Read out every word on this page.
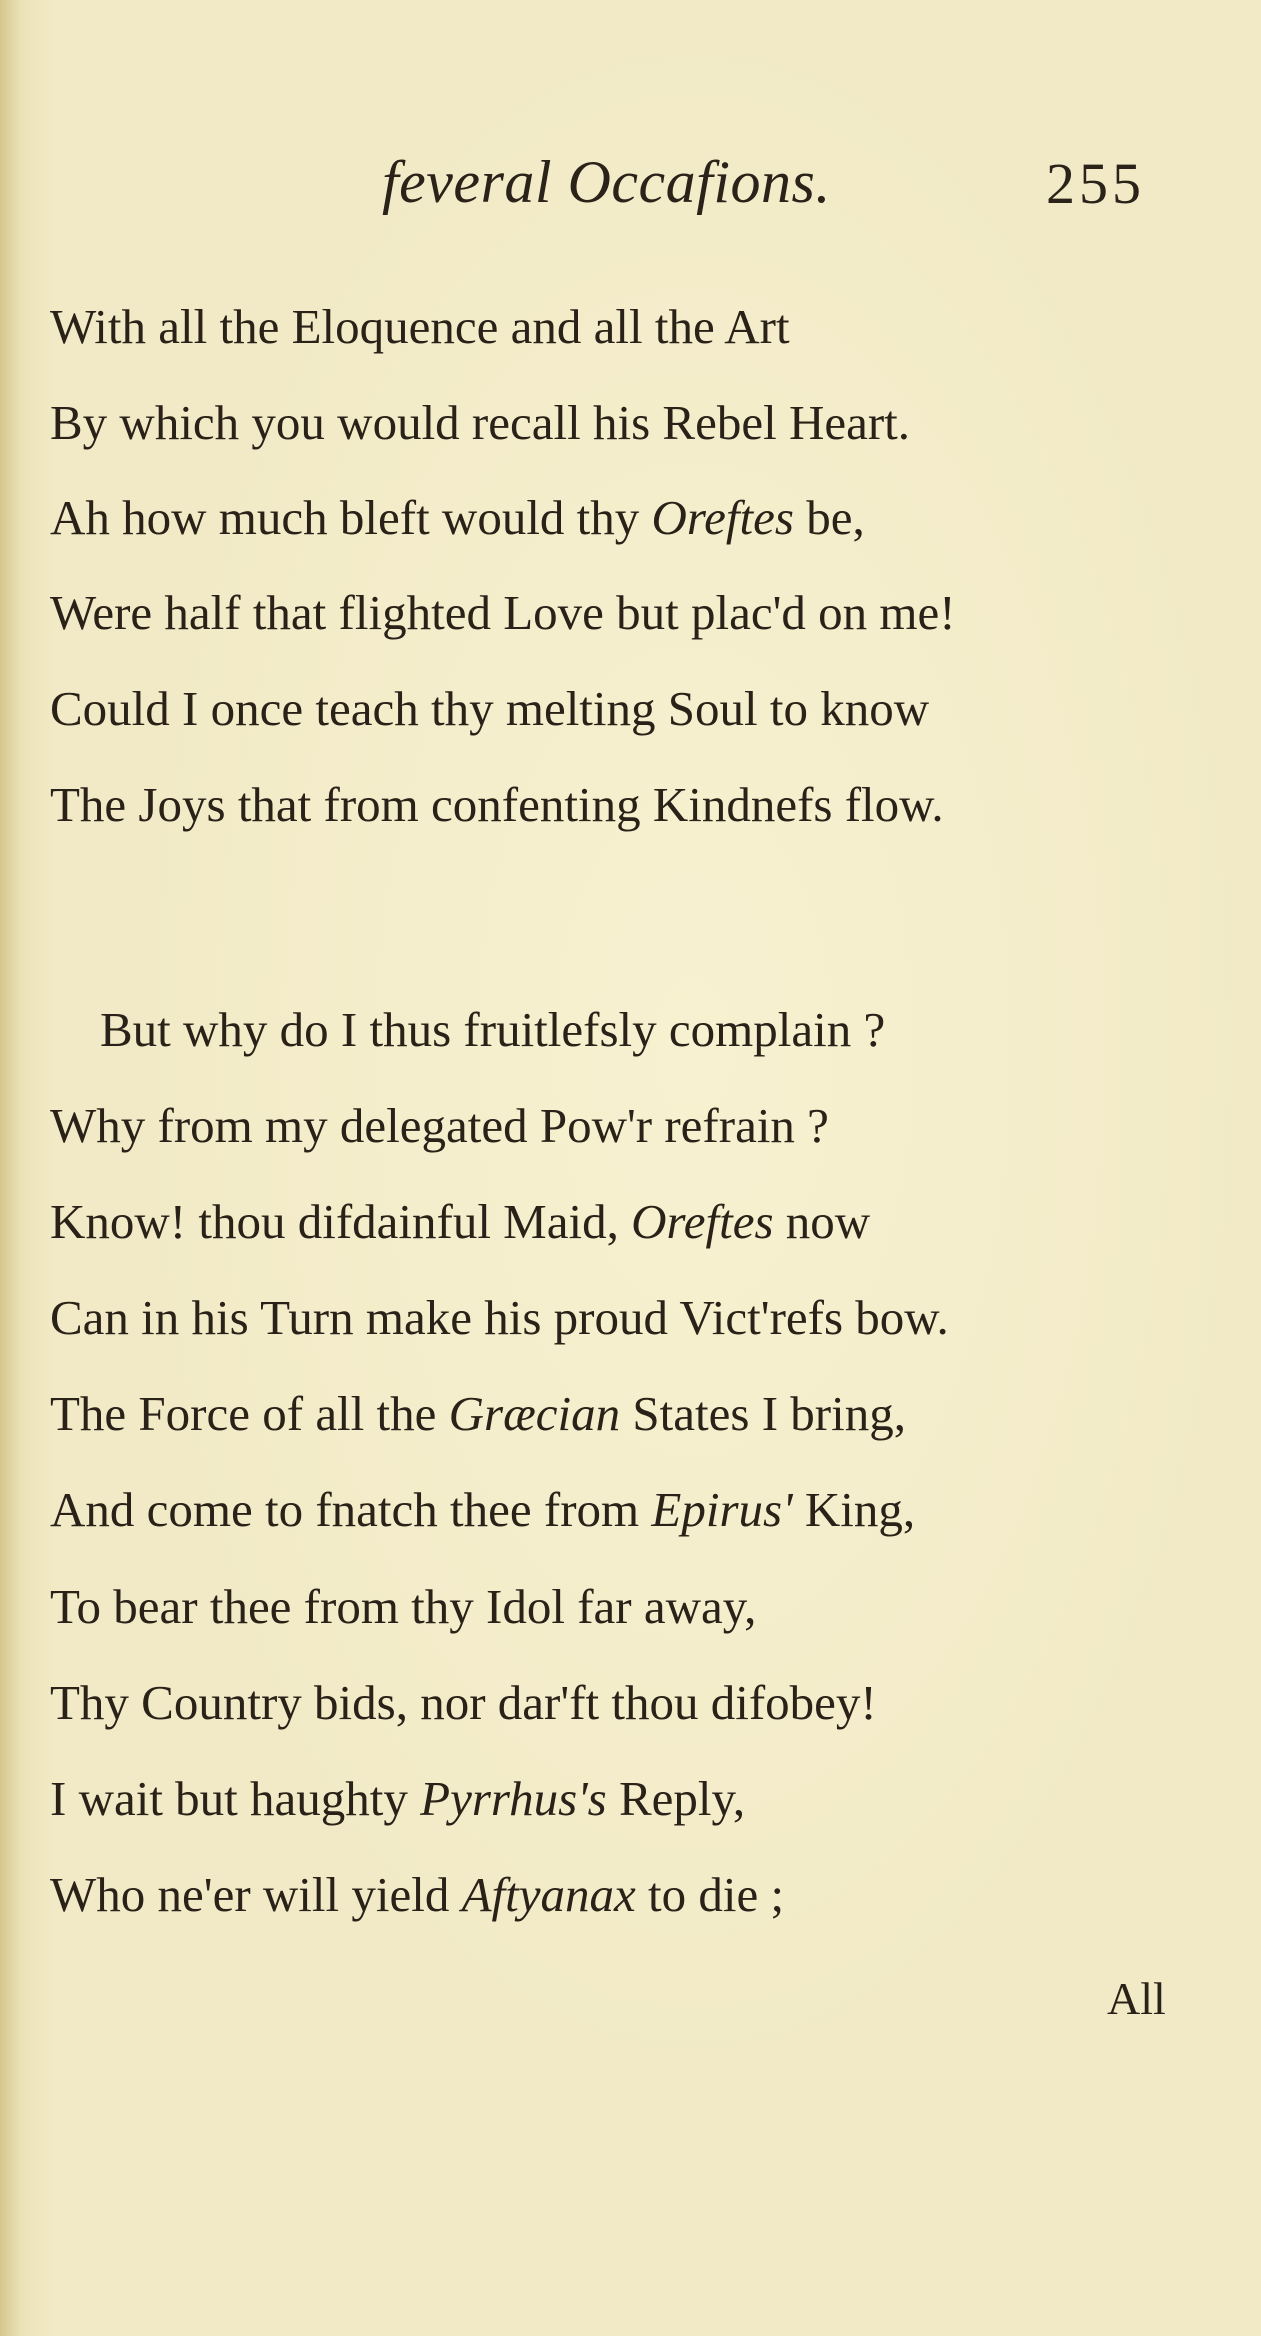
feveral Occafions.	255
With all the Eloquence and all the Art
By which you would recall his Rebel Heart.
Ah how much bleft would thy Oreftes be,
Were half that flighted Love but plac'd on me!
Could I once teach thy melting Soul to know
The Joys that from confenting Kindnefs flow.
But why do I thus fruitlefsly complain ?
Why from my delegated Pow'r refrain ?
Know! thou difdainful Maid, Oreftes now
Can in his Turn make his proud Vict'refs bow.
The Force of all the Græcian States I bring,
And come to fnatch thee from Epirus' King,
To bear thee from thy Idol far away,
Thy Country bids, nor dar'ft thou difobey!
I wait but haughty Pyrrhus's Reply,
Who ne'er will yield Aftyanax to die ;
All
